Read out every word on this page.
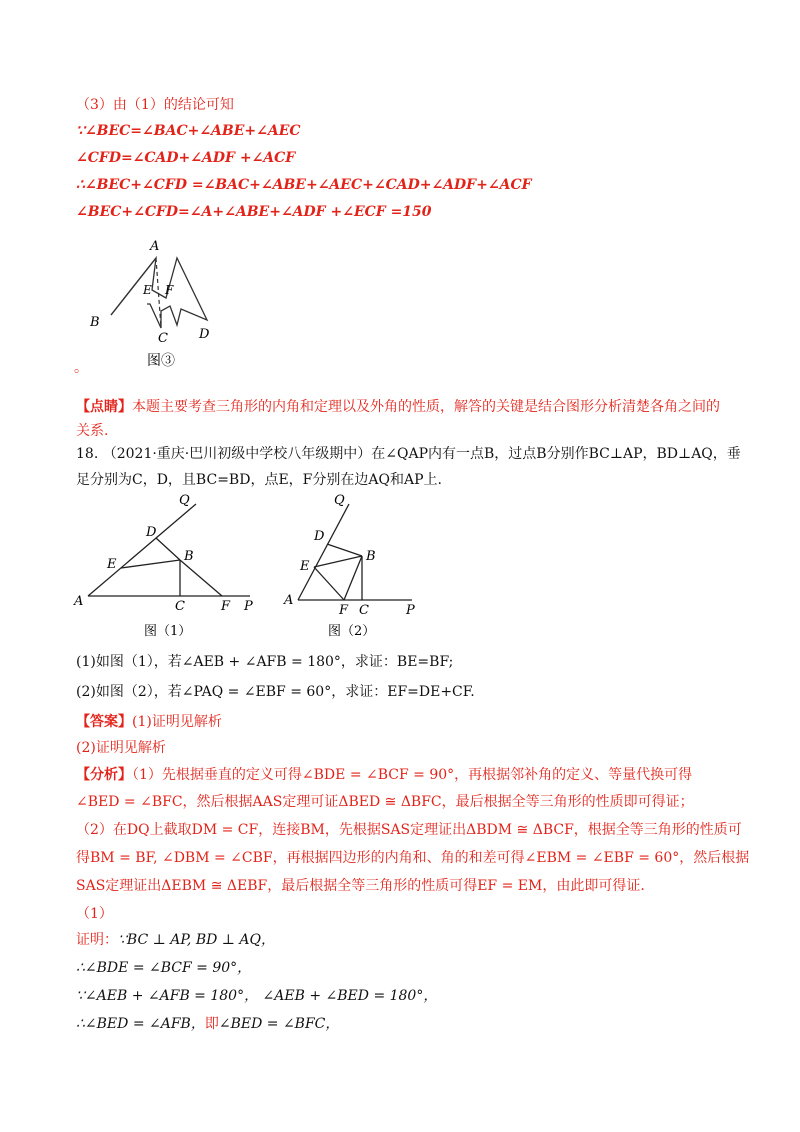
（3）由（1）的结论可知
∵∠BEC=∠BAC+∠ABE+∠AEC
∠CFD=∠CAD+∠ADF +∠ACF
∴∠BEC+∠CFD =∠BAC+∠ABE+∠AEC+∠CAD+∠ADF+∠ACF
∠BEC+∠CFD=∠A+∠ABE+∠ADF +∠ECF =150
A
B
C D
E F
图③
。
【点睛】本题主要考查三角形的内角和定理以及外角的性质，解答的关键是结合图形分析清楚各角之间的关系.
18. （2021·重庆·巴川初级中学校八年级期中）在∠QAP内有一点B，过点B分别作BC⊥AP，BD⊥AQ，垂
足分别为C，D，且BC=BD，点E，F分别在边AQ和AP上.
Q
D
B
E
A	C	F P
图（1）
Q
D
B
E
A
F C	P
图（2）
(1)如图（1），若∠AEB + ∠AFB = 180°，求证：BE=BF;
(2)如图（2），若∠PAQ = ∠EBF = 60°，求证：EF=DE+CF.
【答案】(1)证明见解析
(2)证明见解析
【分析】（1）先根据垂直的定义可得∠BDE = ∠BCF = 90°，再根据邻补角的定义、等量代换可得
∠BED = ∠BFC，然后根据AAS定理可证ΔBED ≅ ΔBFC，最后根据全等三角形的性质即可得证；
（2）在DQ上截取DM = CF，连接BM，先根据SAS定理证出ΔBDM ≅ ΔBCF，根据全等三角形的性质可
得BM = BF, ∠DBM = ∠CBF，再根据四边形的内角和、角的和差可得∠EBM = ∠EBF = 60°，然后根据
SAS定理证出ΔEBM ≅ ΔEBF，最后根据全等三角形的性质可得EF = EM，由此即可得证.
（1）
证明：∵BC ⊥ AP, BD ⊥ AQ，
∴∠BDE = ∠BCF = 90°，
∵∠AEB + ∠AFB = 180°， ∠AEB + ∠BED = 180°，
∴∠BED = ∠AFB，即∠BED = ∠BFC，
